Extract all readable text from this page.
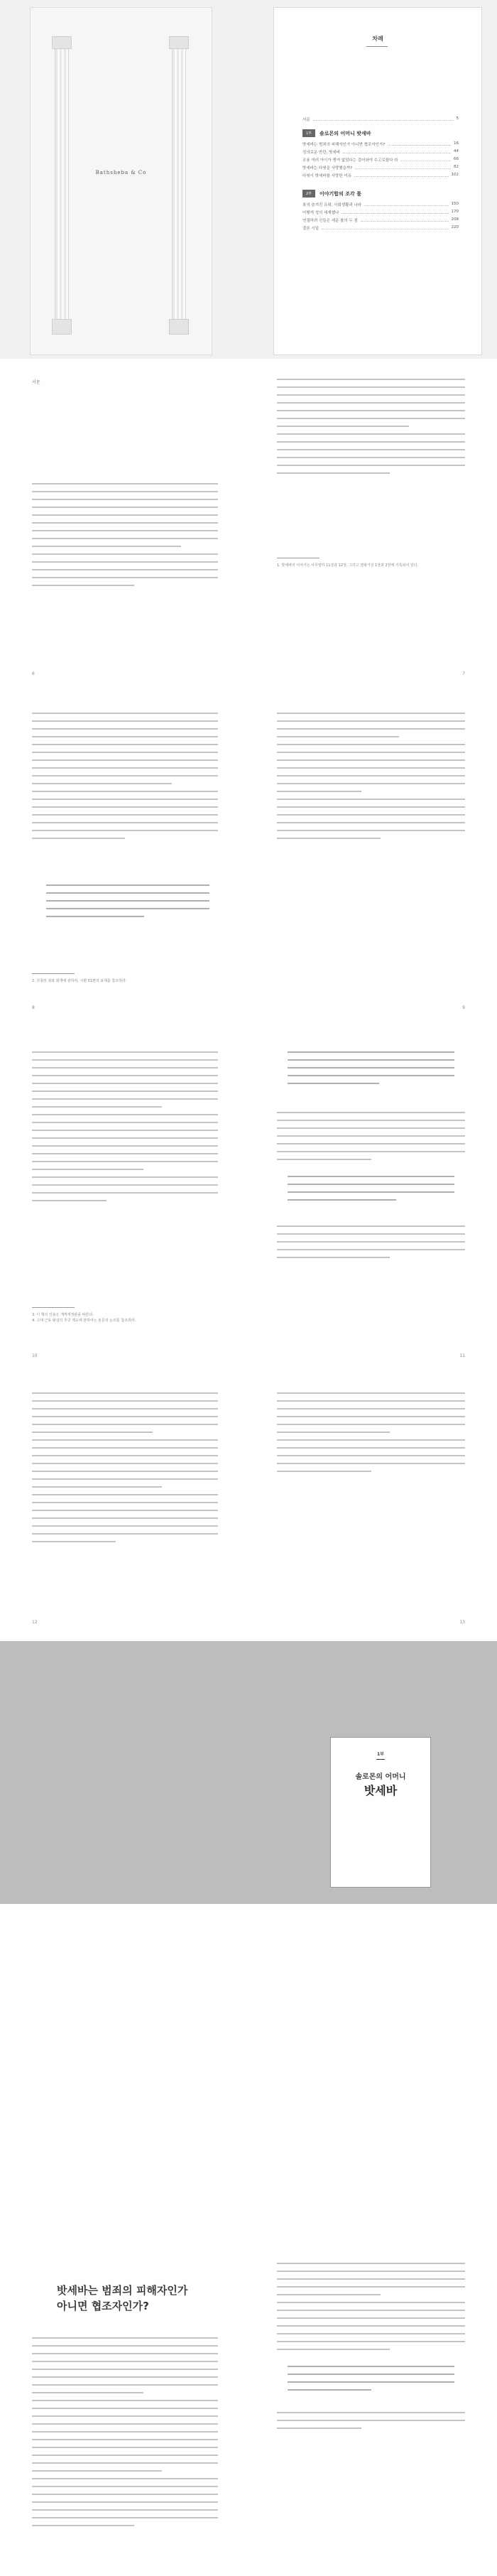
Bathsheba & Co
차례
서문	5
1부	솔로몬의 어머니 밧세바
밧세바는 범죄의 피해자인가 아니면 협조자인가?	16
정의로운 반란, 밧세바	44
조용 여러 아이가 쟁여 없었다는 걸어와야 수고로웠다 라	66
밧세바는 다윗을 사랑했을까?	82
다윗이 밧세바를 사랑한 이유	102
2부	이야기합의 조각 룰
롯의 숨겨진 유대, 사회생활과 나라	150
어떻게 성의 세계했나	170
연결하려 신들은 세운 룰의 두 점	208
결론 시일	220
서문
6
1. 밧세바의 이야기는 사무엘하 11장과 12장, 그리고 열왕기상 1장과 2장에 기록되어 있다.
7
2. 다윗의 죄와 회개에 관하여, 시편 51편의 표제를 참조하라.
8	9
3. 이 책의 인용은 개역개정판을 따른다.
4. 고대 근동 왕실의 후궁 제도에 관하여는 본문의 논의를 참조하라.
10	11
12	13
1부
솔로몬의 어머니
밧세바
밧세바는 범죄의 피해자인가
아니면 협조자인가?
